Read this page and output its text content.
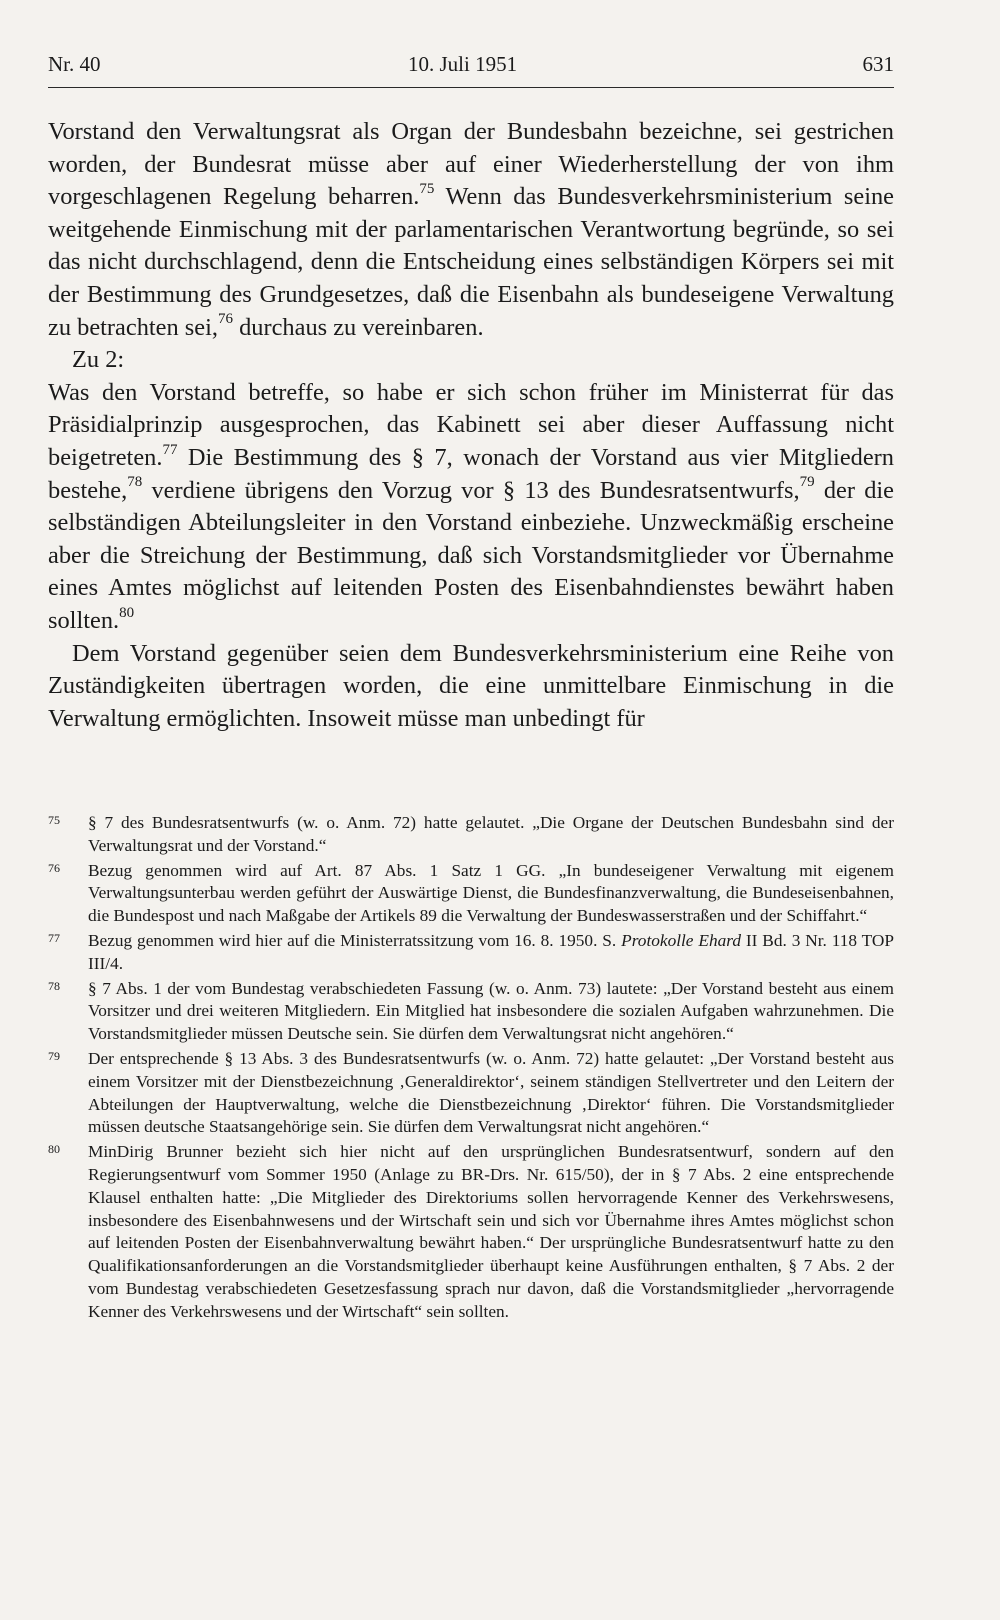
Nr. 40	10. Juli 1951	631

Vorstand den Verwaltungsrat als Organ der Bundesbahn bezeichne, sei gestrichen worden, der Bundesrat müsse aber auf einer Wiederherstellung der von ihm vorgeschlagenen Regelung beharren.$^{75}$ Wenn das Bundesverkehrsministerium seine weitgehende Einmischung mit der parlamentarischen Verantwortung begründe, so sei das nicht durchschlagend, denn die Entscheidung eines selbständigen Körpers sei mit der Bestimmung des Grundgesetzes, daß die Eisenbahn als bundeseigene Verwaltung zu betrachten sei,$^{76}$ durchaus zu vereinbaren.

Zu 2:

Was den Vorstand betreffe, so habe er sich schon früher im Ministerrat für das Präsidialprinzip ausgesprochen, das Kabinett sei aber dieser Auffassung nicht beigetreten.$^{77}$ Die Bestimmung des § 7, wonach der Vorstand aus vier Mitgliedern bestehe,$^{78}$ verdiene übrigens den Vorzug vor § 13 des Bundesratsentwurfs,$^{79}$ der die selbständigen Abteilungsleiter in den Vorstand einbeziehe. Unzweckmäßig erscheine aber die Streichung der Bestimmung, daß sich Vorstandsmitglieder vor Übernahme eines Amtes möglichst auf leitenden Posten des Eisenbahndienstes bewährt haben sollten.$^{80}$

Dem Vorstand gegenüber seien dem Bundesverkehrsministerium eine Reihe von Zuständigkeiten übertragen worden, die eine unmittelbare Einmischung in die Verwaltung ermöglichten. Insoweit müsse man unbedingt für

75 § 7 des Bundesratsentwurfs (w. o. Anm. 72) hatte gelautet. „Die Organe der Deutschen Bundesbahn sind der Verwaltungsrat und der Vorstand.“
76 Bezug genommen wird auf Art. 87 Abs. 1 Satz 1 GG. „In bundeseigener Verwaltung mit eigenem Verwaltungsunterbau werden geführt der Auswärtige Dienst, die Bundesfinanzverwaltung, die Bundeseisenbahnen, die Bundespost und nach Maßgabe der Artikels 89 die Verwaltung der Bundeswasserstraßen und der Schiffahrt.“
77 Bezug genommen wird hier auf die Ministerratssitzung vom 16. 8. 1950. S. Protokolle Ehard II Bd. 3 Nr. 118 TOP III/4.
78 § 7 Abs. 1 der vom Bundestag verabschiedeten Fassung (w. o. Anm. 73) lautete: „Der Vorstand besteht aus einem Vorsitzer und drei weiteren Mitgliedern. Ein Mitglied hat insbesondere die sozialen Aufgaben wahrzunehmen. Die Vorstandsmitglieder müssen Deutsche sein. Sie dürfen dem Verwaltungsrat nicht angehören.“
79 Der entsprechende § 13 Abs. 3 des Bundesratsentwurfs (w. o. Anm. 72) hatte gelautet: „Der Vorstand besteht aus einem Vorsitzer mit der Dienstbezeichnung ‚Generaldirektor‘, seinem ständigen Stellvertreter und den Leitern der Abteilungen der Hauptverwaltung, welche die Dienstbezeichnung ‚Direktor‘ führen. Die Vorstandsmitglieder müssen deutsche Staatsangehörige sein. Sie dürfen dem Verwaltungsrat nicht angehören.“
80 MinDirig Brunner bezieht sich hier nicht auf den ursprünglichen Bundesratsentwurf, sondern auf den Regierungsentwurf vom Sommer 1950 (Anlage zu BR-Drs. Nr. 615/50), der in § 7 Abs. 2 eine entsprechende Klausel enthalten hatte: „Die Mitglieder des Direktoriums sollen hervorragende Kenner des Verkehrswesens, insbesondere des Eisenbahnwesens und der Wirtschaft sein und sich vor Übernahme ihres Amtes möglichst schon auf leitenden Posten der Eisenbahnverwaltung bewährt haben.“ Der ursprüngliche Bundesratsentwurf hatte zu den Qualifikationsanforderungen an die Vorstandsmitglieder überhaupt keine Ausführungen enthalten, § 7 Abs. 2 der vom Bundestag verabschiedeten Gesetzesfassung sprach nur davon, daß die Vorstandsmitglieder „hervorragende Kenner des Verkehrswesens und der Wirtschaft“ sein sollten.
